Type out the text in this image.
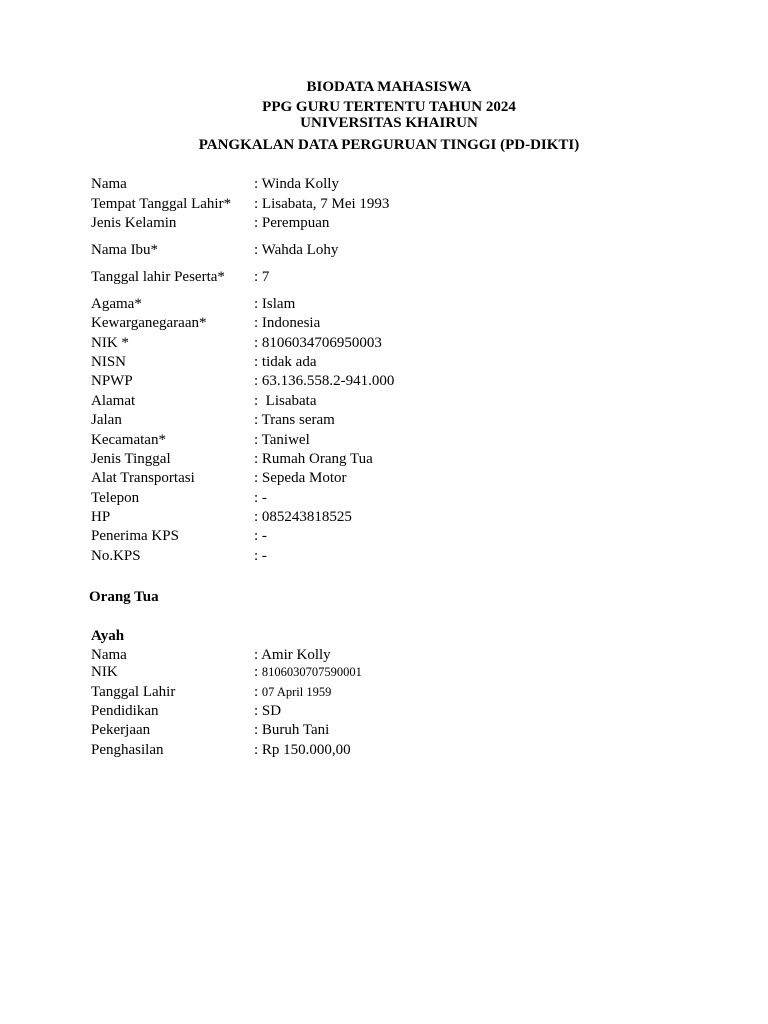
BIODATA MAHASISWA
PPG GURU TERTENTU TAHUN 2024
UNIVERSITAS KHAIRUN
PANGKALAN DATA PERGURUAN TINGGI (PD-DIKTI)
Nama	: Winda Kolly
Tempat Tanggal Lahir* : Lisabata, 7 Mei 1993
Jenis Kelamin	: Perempuan
Nama Ibu*	: Wahda Lohy
Tanggal lahir Peserta* : 7
Agama*	: Islam
Kewarganegaraan*	: Indonesia
NIK *	: 8106034706950003
NISN	: tidak ada
NPWP	: 63.136.558.2-941.000
Alamat	:  Lisabata
Jalan	: Trans seram
Kecamatan*	: Taniwel
Jenis Tinggal	: Rumah Orang Tua
Alat Transportasi	: Sepeda Motor
Telepon	: -
HP	: 085243818525
Penerima KPS	: -
No.KPS	: -
Orang Tua
Ayah
Nama	: Amir Kolly
NIK	: 8106030707590001
Tanggal Lahir	: 07 April 1959
Pendidikan	: SD
Pekerjaan	: Buruh Tani
Penghasilan	: Rp 150.000,00
